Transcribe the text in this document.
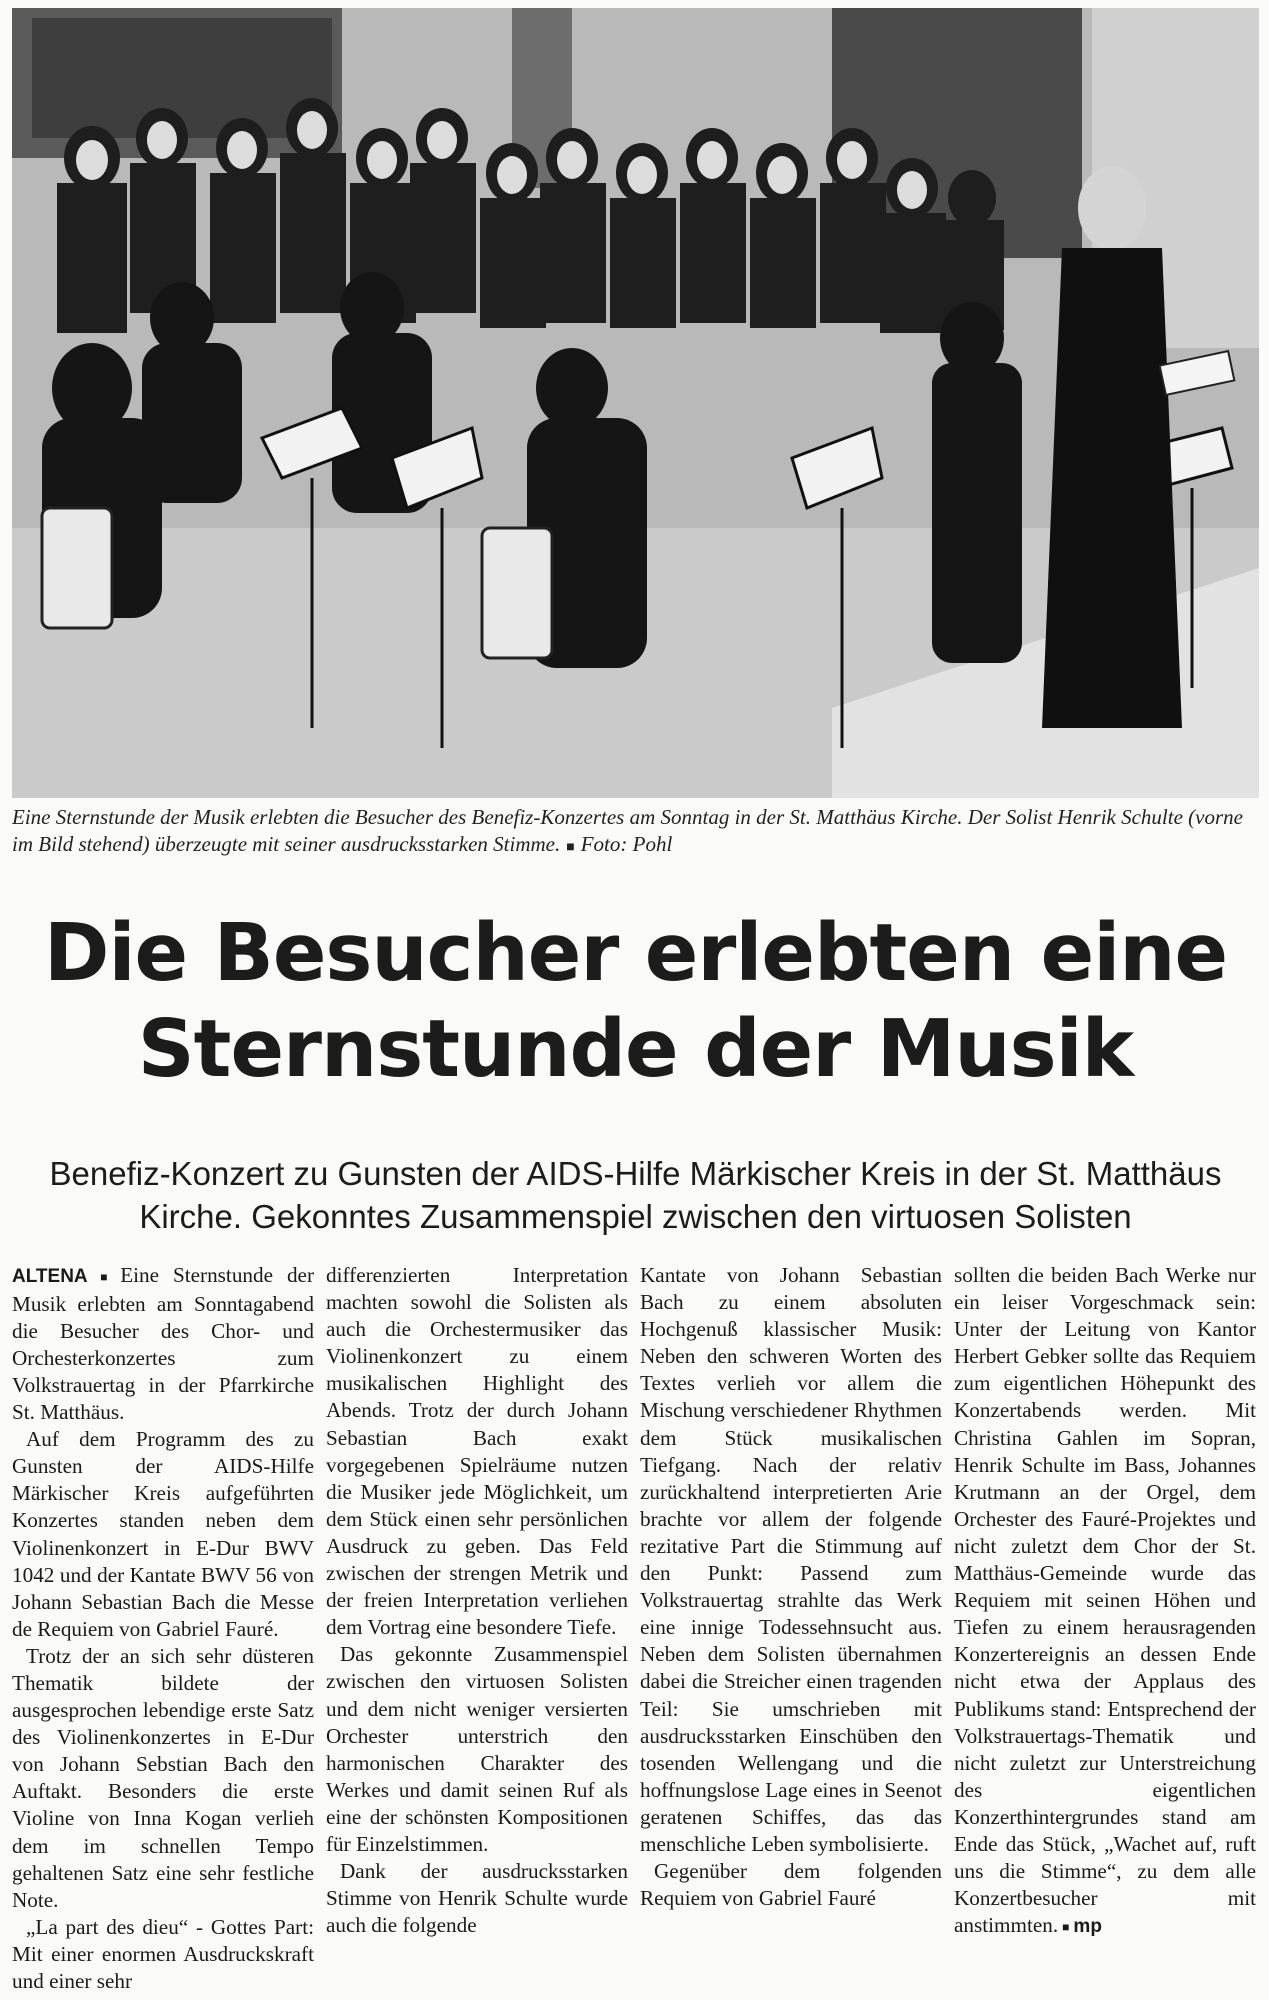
Eine Sternstunde der Musik erlebten die Besucher des Benefiz-Konzertes am Sonntag in der St. Matthäus Kirche. Der Solist Henrik Schulte (vorne im Bild stehend) überzeugte mit seiner ausdrucksstarken Stimme. ■ Foto: Pohl
Die Besucher erlebten eine
Sternstunde der Musik
Benefiz-Konzert zu Gunsten der AIDS-Hilfe Märkischer Kreis in der St. Matthäus
Kirche. Gekonntes Zusammenspiel zwischen den virtuosen Solisten

ALTENA ■ Eine Sternstunde der Musik erlebten am Sonntagabend die Besucher des Chor- und Orchesterkonzertes zum Volkstrauertag in der Pfarrkirche St. Matthäus.

Auf dem Programm des zu Gunsten der AIDS-Hilfe Märkischer Kreis aufgeführten Konzertes standen neben dem Violinenkonzert in E-Dur BWV 1042 und der Kantate BWV 56 von Johann Sebastian Bach die Messe de Requiem von Gabriel Fauré.

Trotz der an sich sehr düsteren Thematik bildete der ausgesprochen lebendige erste Satz des Violinenkonzertes in E-Dur von Johann Sebstian Bach den Auftakt. Besonders die erste Violine von Inna Kogan verlieh dem im schnellen Tempo gehaltenen Satz eine sehr festliche Note.

„La part des dieu“ - Gottes Part: Mit einer enormen Ausdruckskraft und einer sehr

differenzierten Interpretation machten sowohl die Solisten als auch die Orchestermusiker das Violinenkonzert zu einem musikalischen Highlight des Abends. Trotz der durch Johann Sebastian Bach exakt vorgegebenen Spielräume nutzen die Musiker jede Möglichkeit, um dem Stück einen sehr persönlichen Ausdruck zu geben. Das Feld zwischen der strengen Metrik und der freien Interpretation verliehen dem Vortrag eine besondere Tiefe.

Das gekonnte Zusammenspiel zwischen den virtuosen Solisten und dem nicht weniger versierten Orchester unterstrich den harmonischen Charakter des Werkes und damit seinen Ruf als eine der schönsten Kompositionen für Einzelstimmen.

Dank der ausdrucksstarken Stimme von Henrik Schulte wurde auch die folgende

Kantate von Johann Sebastian Bach zu einem absoluten Hochgenuß klassischer Musik: Neben den schweren Worten des Textes verlieh vor allem die Mischung verschiedener Rhythmen dem Stück musikalischen Tiefgang. Nach der relativ zurückhaltend interpretierten Arie brachte vor allem der folgende rezitative Part die Stimmung auf den Punkt: Passend zum Volkstrauertag strahlte das Werk eine innige Todessehnsucht aus. Neben dem Solisten übernahmen dabei die Streicher einen tragenden Teil: Sie umschrieben mit ausdrucksstarken Einschüben den tosenden Wellengang und die hoffnungslose Lage eines in Seenot geratenen Schiffes, das das menschliche Leben symbolisierte.

Gegenüber dem folgenden Requiem von Gabriel Fauré

sollten die beiden Bach Werke nur ein leiser Vorgeschmack sein: Unter der Leitung von Kantor Herbert Gebker sollte das Requiem zum eigentlichen Höhepunkt des Konzertabends werden. Mit Christina Gahlen im Sopran, Henrik Schulte im Bass, Johannes Krutmann an der Orgel, dem Orchester des Fauré-Projektes und nicht zuletzt dem Chor der St. Matthäus-Gemeinde wurde das Requiem mit seinen Höhen und Tiefen zu einem herausragenden Konzertereignis an dessen Ende nicht etwa der Applaus des Publikums stand: Entsprechend der Volkstrauertags-Thematik und nicht zuletzt zur Unterstreichung des eigentlichen Konzerthintergrundes stand am Ende das Stück, „Wachet auf, ruft uns die Stimme“, zu dem alle Konzertbesucher mit anstimmten. ■ mp
